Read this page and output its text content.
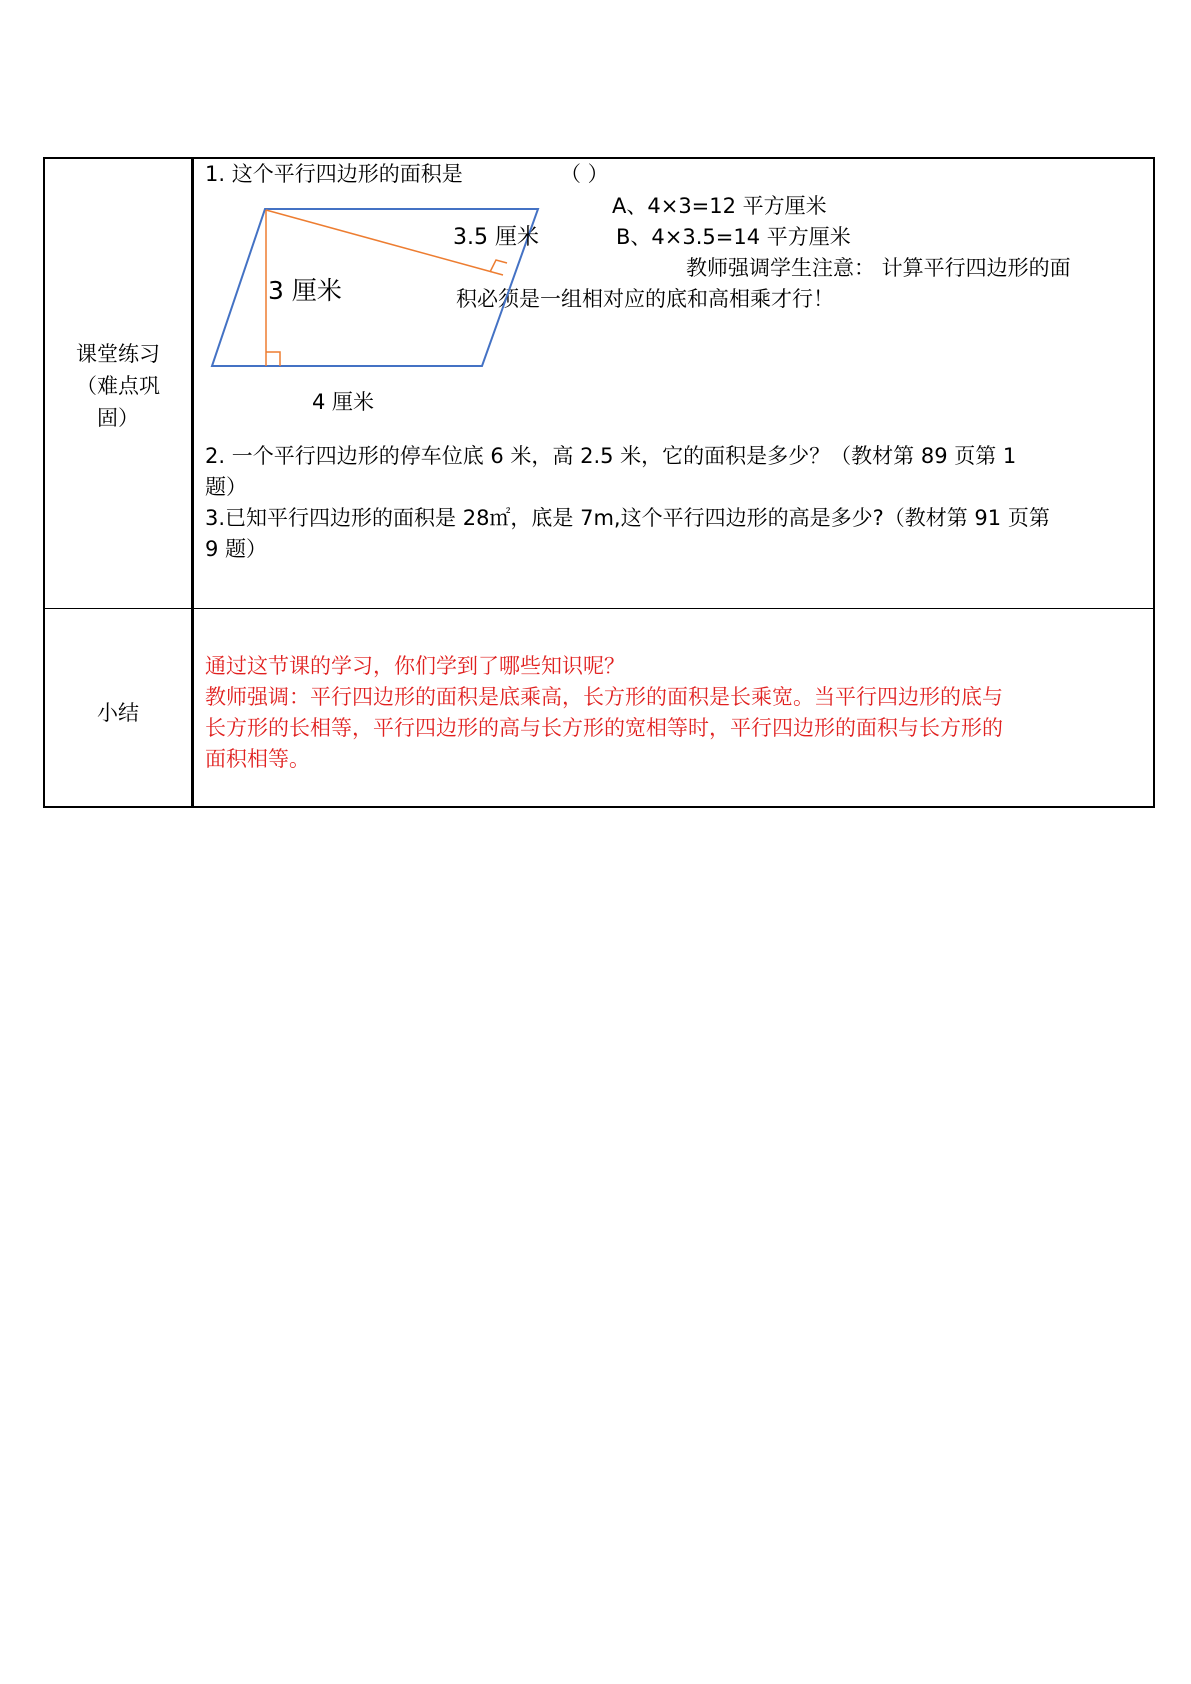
课堂练习
（难点巩
固）
1. 这个平行四边形的面积是	（ ）
A、4×3=12 平方厘米
B、4×3.5=14 平方厘米
教师强调学生注意： 计算平行四边形的面
积必须是一组相对应的底和高相乘才行！
3.5 厘米
3 厘米
4 厘米
2. 一个平行四边形的停车位底 6 米，高 2.5 米，它的面积是多少？（教材第 89 页第 1
题）
3.已知平行四边形的面积是 28㎡，底是 7m,这个平行四边形的高是多少?（教材第 91 页第
9 题）
小结
通过这节课的学习，你们学到了哪些知识呢？
教师强调：平行四边形的面积是底乘高，长方形的面积是长乘宽。当平行四边形的底与
长方形的长相等，平行四边形的高与长方形的宽相等时，平行四边形的面积与长方形的
面积相等。
